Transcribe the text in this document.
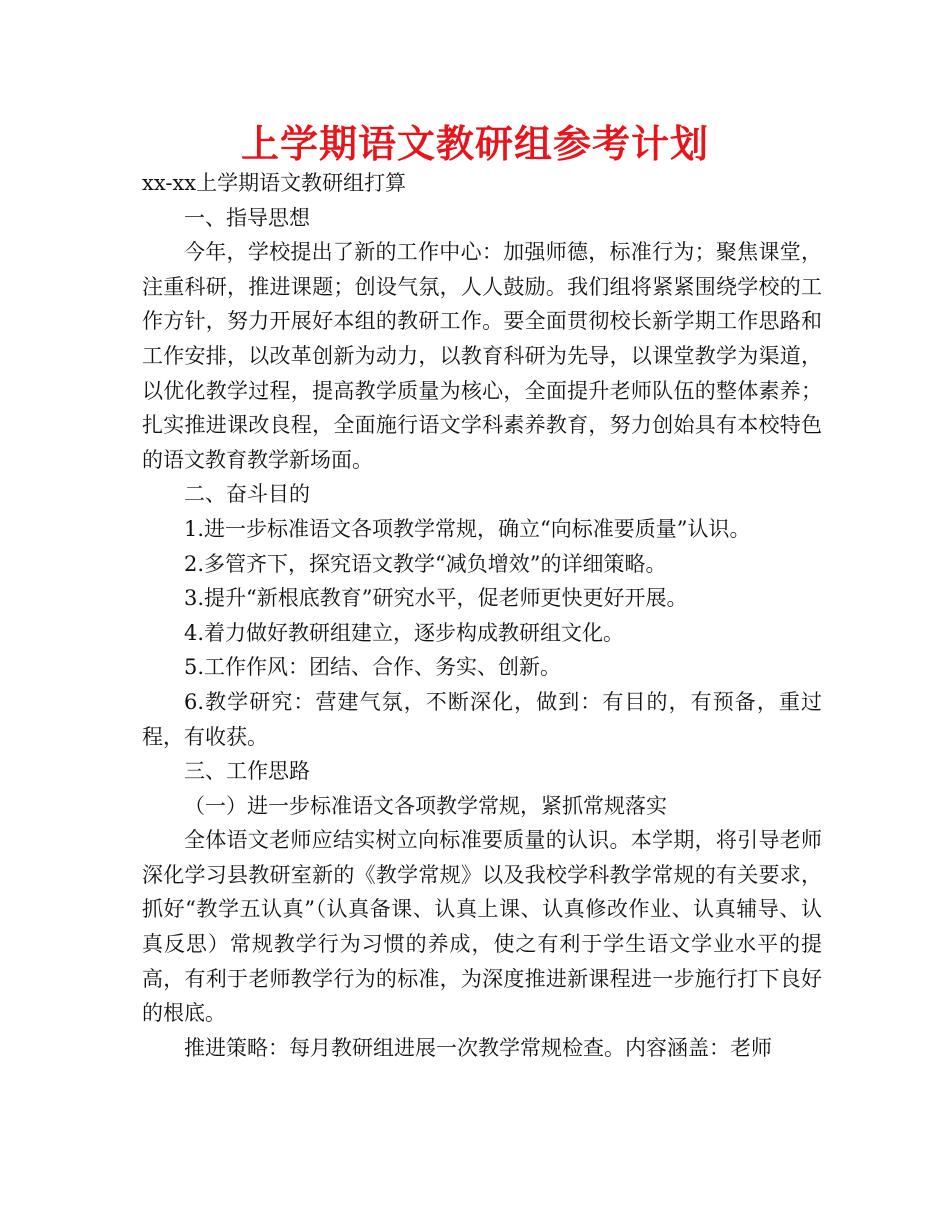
上学期语文教研组参考计划

xx-xx上学期语文教研组打算

一、指导思想

今年，学校提出了新的工作中心：加强师德，标准行为；聚焦课堂，注重科研，推进课题；创设气氛，人人鼓励。我们组将紧紧围绕学校的工作方针，努力开展好本组的教研工作。要全面贯彻校长新学期工作思路和工作安排，以改革创新为动力，以教育科研为先导，以课堂教学为渠道，以优化教学过程，提高教学质量为核心，全面提升老师队伍的整体素养；扎实推进课改良程，全面施行语文学科素养教育，努力创始具有本校特色的语文教育教学新场面。

二、奋斗目的

1.进一步标准语文各项教学常规，确立“向标准要质量”认识。

2.多管齐下，探究语文教学“减负增效”的详细策略。

3.提升“新根底教育”研究水平，促老师更快更好开展。

4.着力做好教研组建立，逐步构成教研组文化。

5.工作作风：团结、合作、务实、创新。

6.教学研究：营建气氛，不断深化，做到：有目的，有预备，重过程，有收获。

三、工作思路

（一）进一步标准语文各项教学常规，紧抓常规落实

全体语文老师应结实树立向标准要质量的认识。本学期，将引导老师深化学习县教研室新的《教学常规》以及我校学科教学常规的有关要求，抓好“教学五认真”（认真备课、认真上课、认真修改作业、认真辅导、认真反思）常规教学行为习惯的养成，使之有利于学生语文学业水平的提高，有利于老师教学行为的标准，为深度推进新课程进一步施行打下良好的根底。

推进策略：每月教研组进展一次教学常规检查。内容涵盖：老师
